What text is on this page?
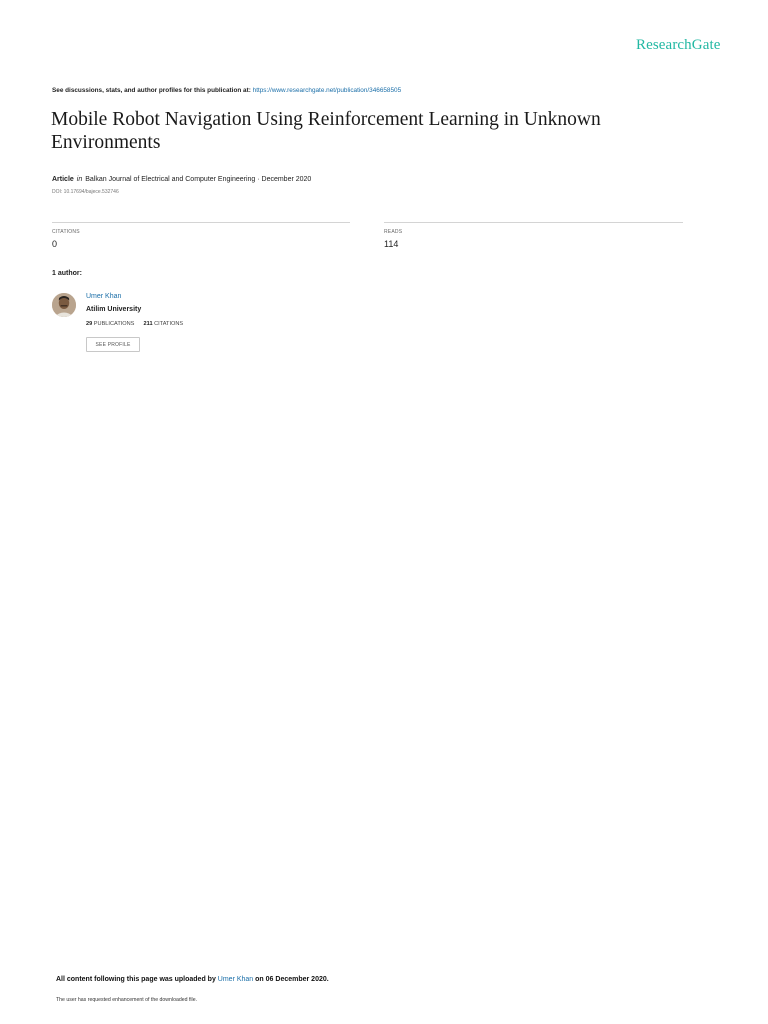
ResearchGate
See discussions, stats, and author profiles for this publication at: https://www.researchgate.net/publication/346658505
Mobile Robot Navigation Using Reinforcement Learning in Unknown Environments
Article in Balkan Journal of Electrical and Computer Engineering · December 2020
DOI: 10.17694/bajece.532746
CITATIONS
0
READS
114
1 author:
Umer Khan
Atilim University
29 PUBLICATIONS 211 CITATIONS
SEE PROFILE
All content following this page was uploaded by Umer Khan on 06 December 2020.
The user has requested enhancement of the downloaded file.
